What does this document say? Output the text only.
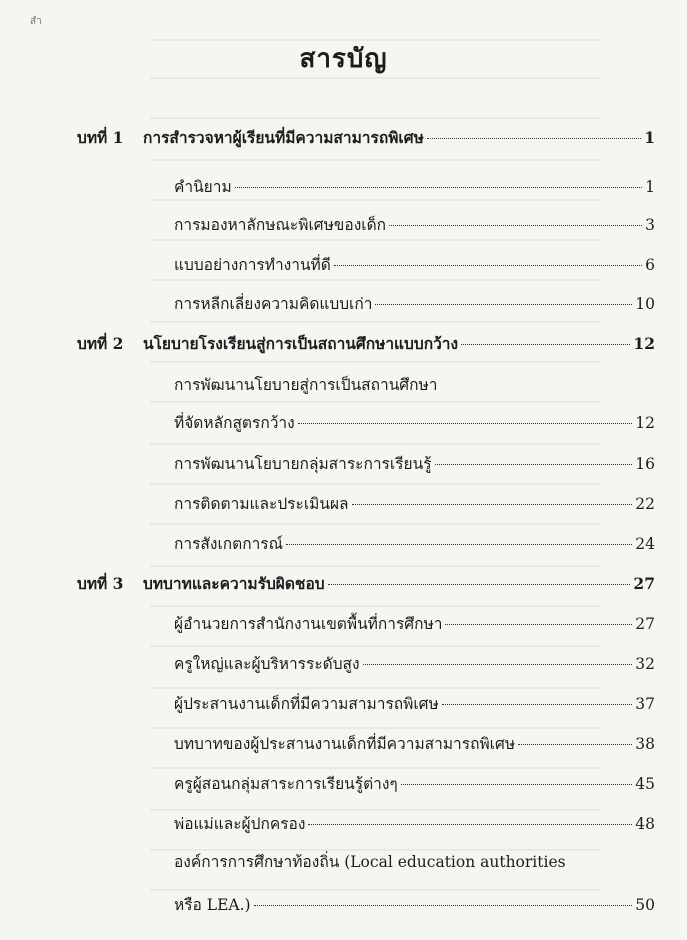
สำ
สารบัญ
บทที่ 1	การสำรวจหาผู้เรียนที่มีความสามารถพิเศษ	1
คำนิยาม	1
การมองหาลักษณะพิเศษของเด็ก	3
แบบอย่างการทำงานที่ดี	6
การหลีกเลี่ยงความคิดแบบเก่า	10
บทที่ 2	นโยบายโรงเรียนสู่การเป็นสถานศึกษาแบบกว้าง	12
การพัฒนานโยบายสู่การเป็นสถานศึกษา
ที่จัดหลักสูตรกว้าง	12
การพัฒนานโยบายกลุ่มสาระการเรียนรู้	16
การติดตามและประเมินผล	22
การสังเกตการณ์	24
บทที่ 3	บทบาทและความรับผิดชอบ	27
ผู้อำนวยการสำนักงานเขตพื้นที่การศึกษา	27
ครูใหญ่และผู้บริหารระดับสูง	32
ผู้ประสานงานเด็กที่มีความสามารถพิเศษ	37
บทบาทของผู้ประสานงานเด็กที่มีความสามารถพิเศษ	38
ครูผู้สอนกลุ่มสาระการเรียนรู้ต่างๆ	45
พ่อแม่และผู้ปกครอง	48
องค์การการศึกษาท้องถิ่น (Local education authorities
หรือ LEA.)	50
